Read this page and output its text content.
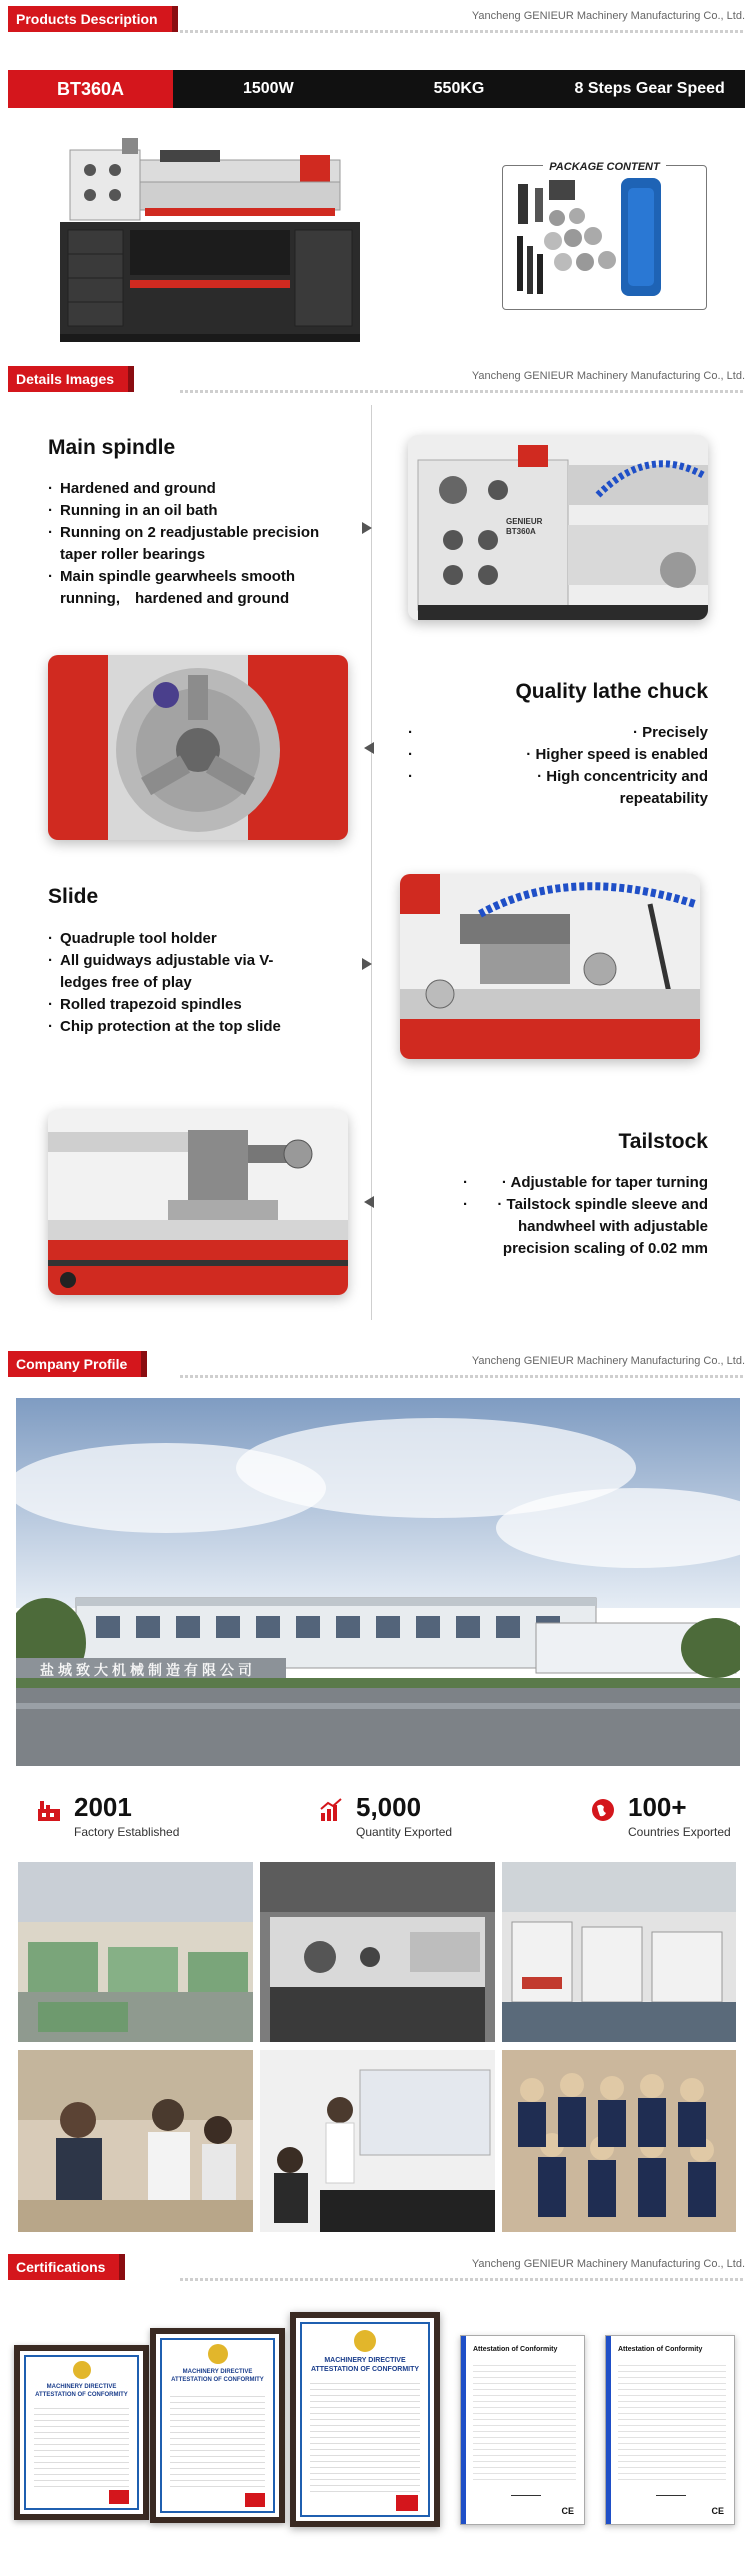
Products Description	Yancheng GENIEUR Machinery Manufacturing Co., Ltd.
BT360A	1500W	550KG	8 Steps Gear Speed
PACKAGE CONTENT
Details Images	Yancheng GENIEUR Machinery Manufacturing Co., Ltd.
Main spindle
· Hardened and ground
· Running in an oil bath
· Running on 2 readjustable precision taper roller bearings
· Main spindle gearwheels smooth running,　hardened and ground
GENIEUR
BT360A
Quality lathe chuck
· · Precisely
· · Higher speed is enabled
· · High concentricity and repeatability
Slide
· Quadruple tool holder
· All guidways adjustable via V-ledges free of play
· Rolled trapezoid spindles
· Chip protection at the top slide
Tailstock
· · Adjustable for taper turning
· · Tailstock spindle sleeve and handwheel with adjustable precision scaling of 0.02 mm
Company Profile	Yancheng GENIEUR Machinery Manufacturing Co., Ltd.
盐城致大机械制造有限公司
2001
Factory Established
5,000
Quantity Exported
100+
Countries Exported
Certifications	Yancheng GENIEUR Machinery Manufacturing Co., Ltd.
MACHINERY DIRECTIVE
ATTESTATION OF CONFORMITY
MACHINERY DIRECTIVE
ATTESTATION OF CONFORMITY
MACHINERY DIRECTIVE
ATTESTATION OF CONFORMITY
Attestation of Conformity
CE
Attestation of Conformity
CE
